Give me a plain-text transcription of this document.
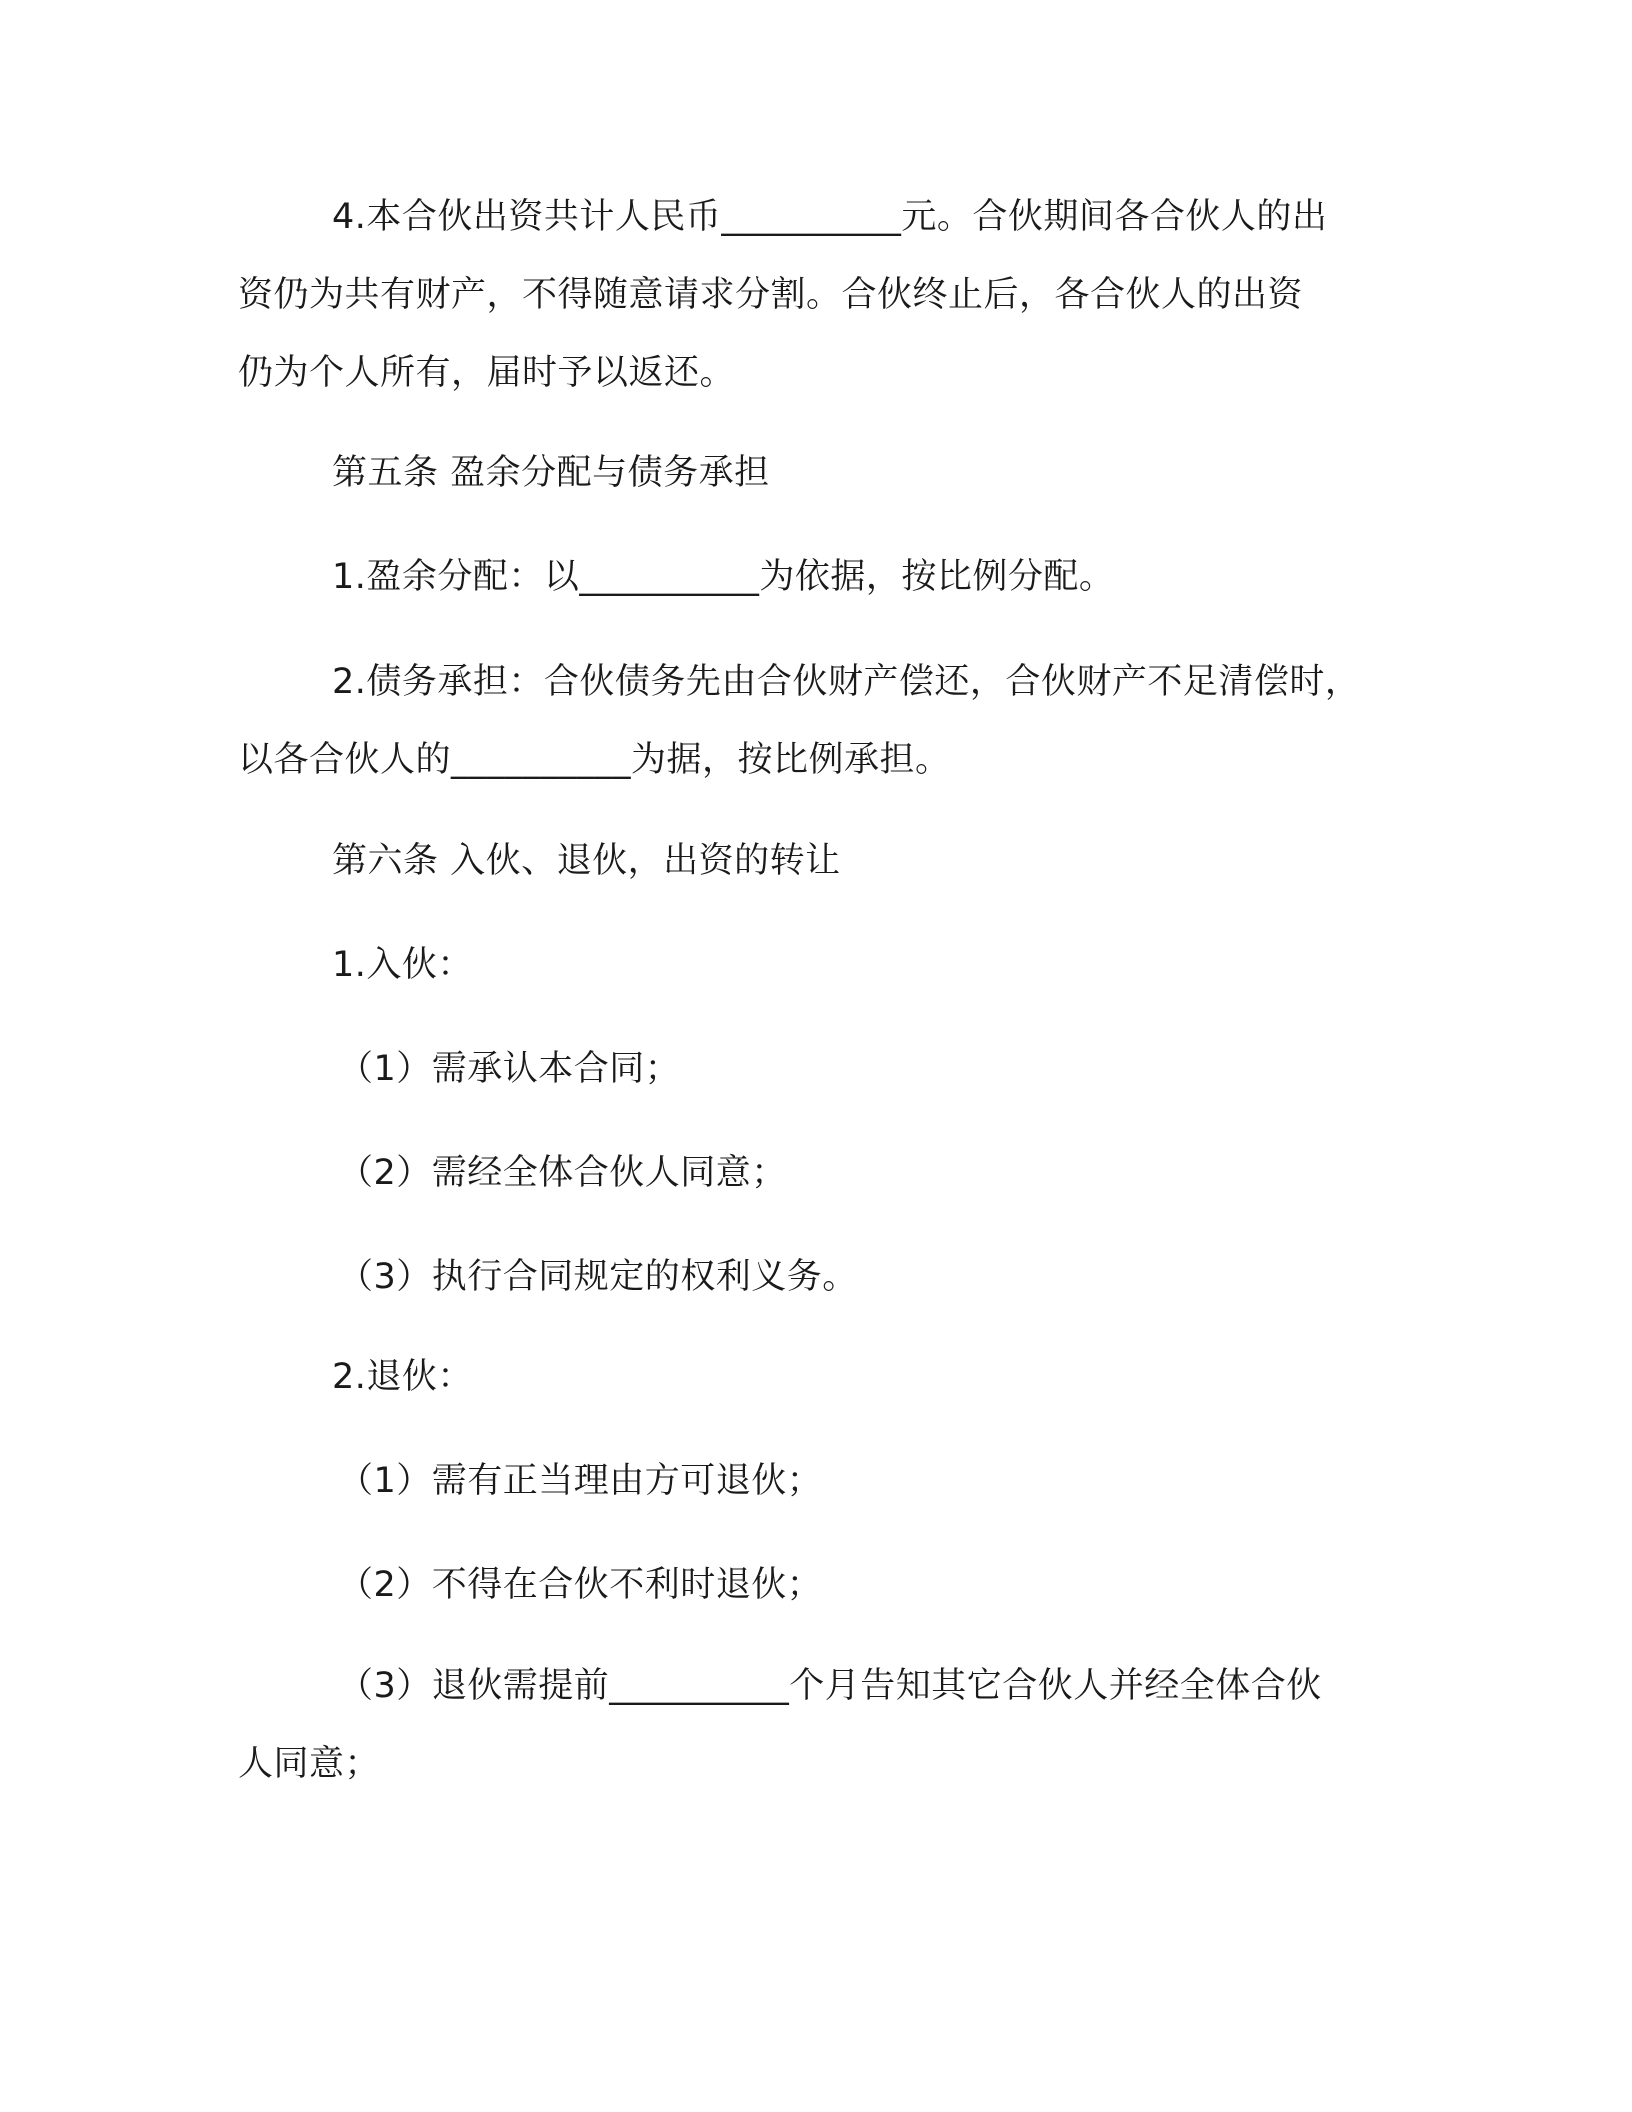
4.本合伙出资共计人民币__________元。合伙期间各合伙人的出

资仍为共有财产，不得随意请求分割。合伙终止后，各合伙人的出资

仍为个人所有，届时予以返还。

第五条 盈余分配与债务承担

1.盈余分配：以__________为依据，按比例分配。

2.债务承担：合伙债务先由合伙财产偿还，合伙财产不足清偿时，

以各合伙人的__________为据，按比例承担。

第六条 入伙、退伙，出资的转让

1.入伙：

（1）需承认本合同；

（2）需经全体合伙人同意；

（3）执行合同规定的权利义务。

2.退伙：

（1）需有正当理由方可退伙；

（2）不得在合伙不利时退伙；

（3）退伙需提前__________个月告知其它合伙人并经全体合伙

人同意；
